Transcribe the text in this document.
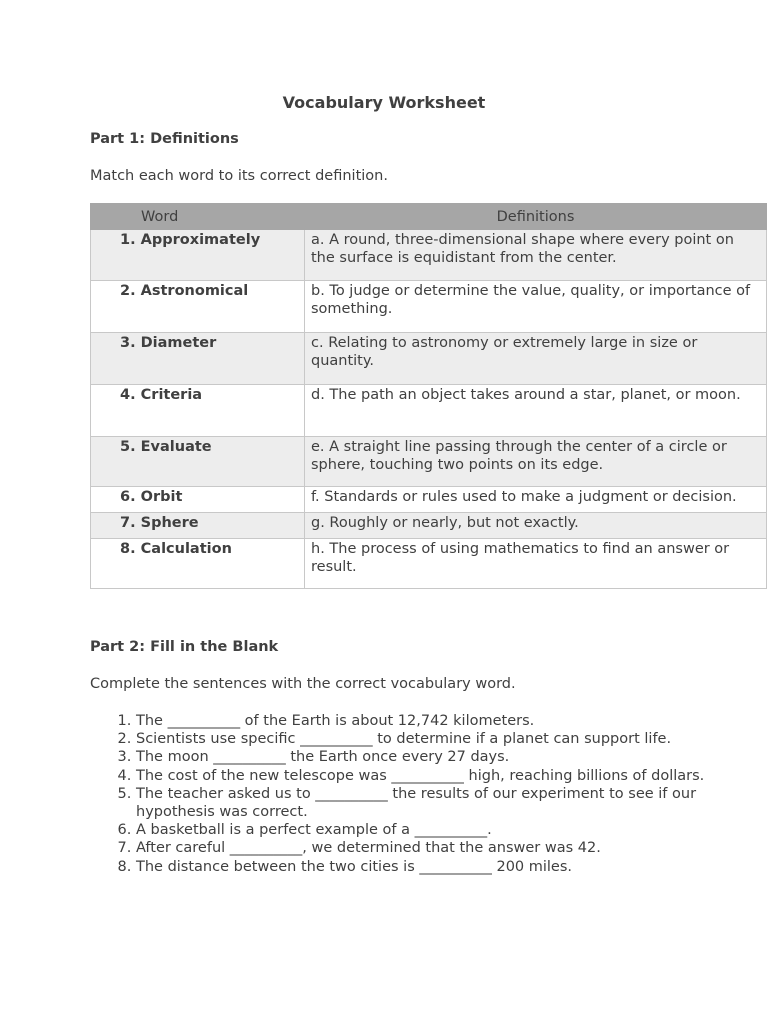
Vocabulary Worksheet
Part 1: Definitions
Match each word to its correct definition.
Word	Definitions
1. Approximately	a. A round, three-dimensional shape where every point on the surface is equidistant from the center.
2. Astronomical	b. To judge or determine the value, quality, or importance of something.
3. Diameter	c. Relating to astronomy or extremely large in size or quantity.
4. Criteria	d. The path an object takes around a star, planet, or moon.
5. Evaluate	e. A straight line passing through the center of a circle or sphere, touching two points on its edge.
6. Orbit	f. Standards or rules used to make a judgment or decision.
7. Sphere	g. Roughly or nearly, but not exactly.
8. Calculation	h. The process of using mathematics to find an answer or result.
Part 2: Fill in the Blank
Complete the sentences with the correct vocabulary word.
1. The __________ of the Earth is about 12,742 kilometers.
2. Scientists use specific __________ to determine if a planet can support life.
3. The moon __________ the Earth once every 27 days.
4. The cost of the new telescope was __________ high, reaching billions of dollars.
5. The teacher asked us to __________ the results of our experiment to see if our hypothesis was correct.
6. A basketball is a perfect example of a __________.
7. After careful __________, we determined that the answer was 42.
8. The distance between the two cities is __________ 200 miles.
